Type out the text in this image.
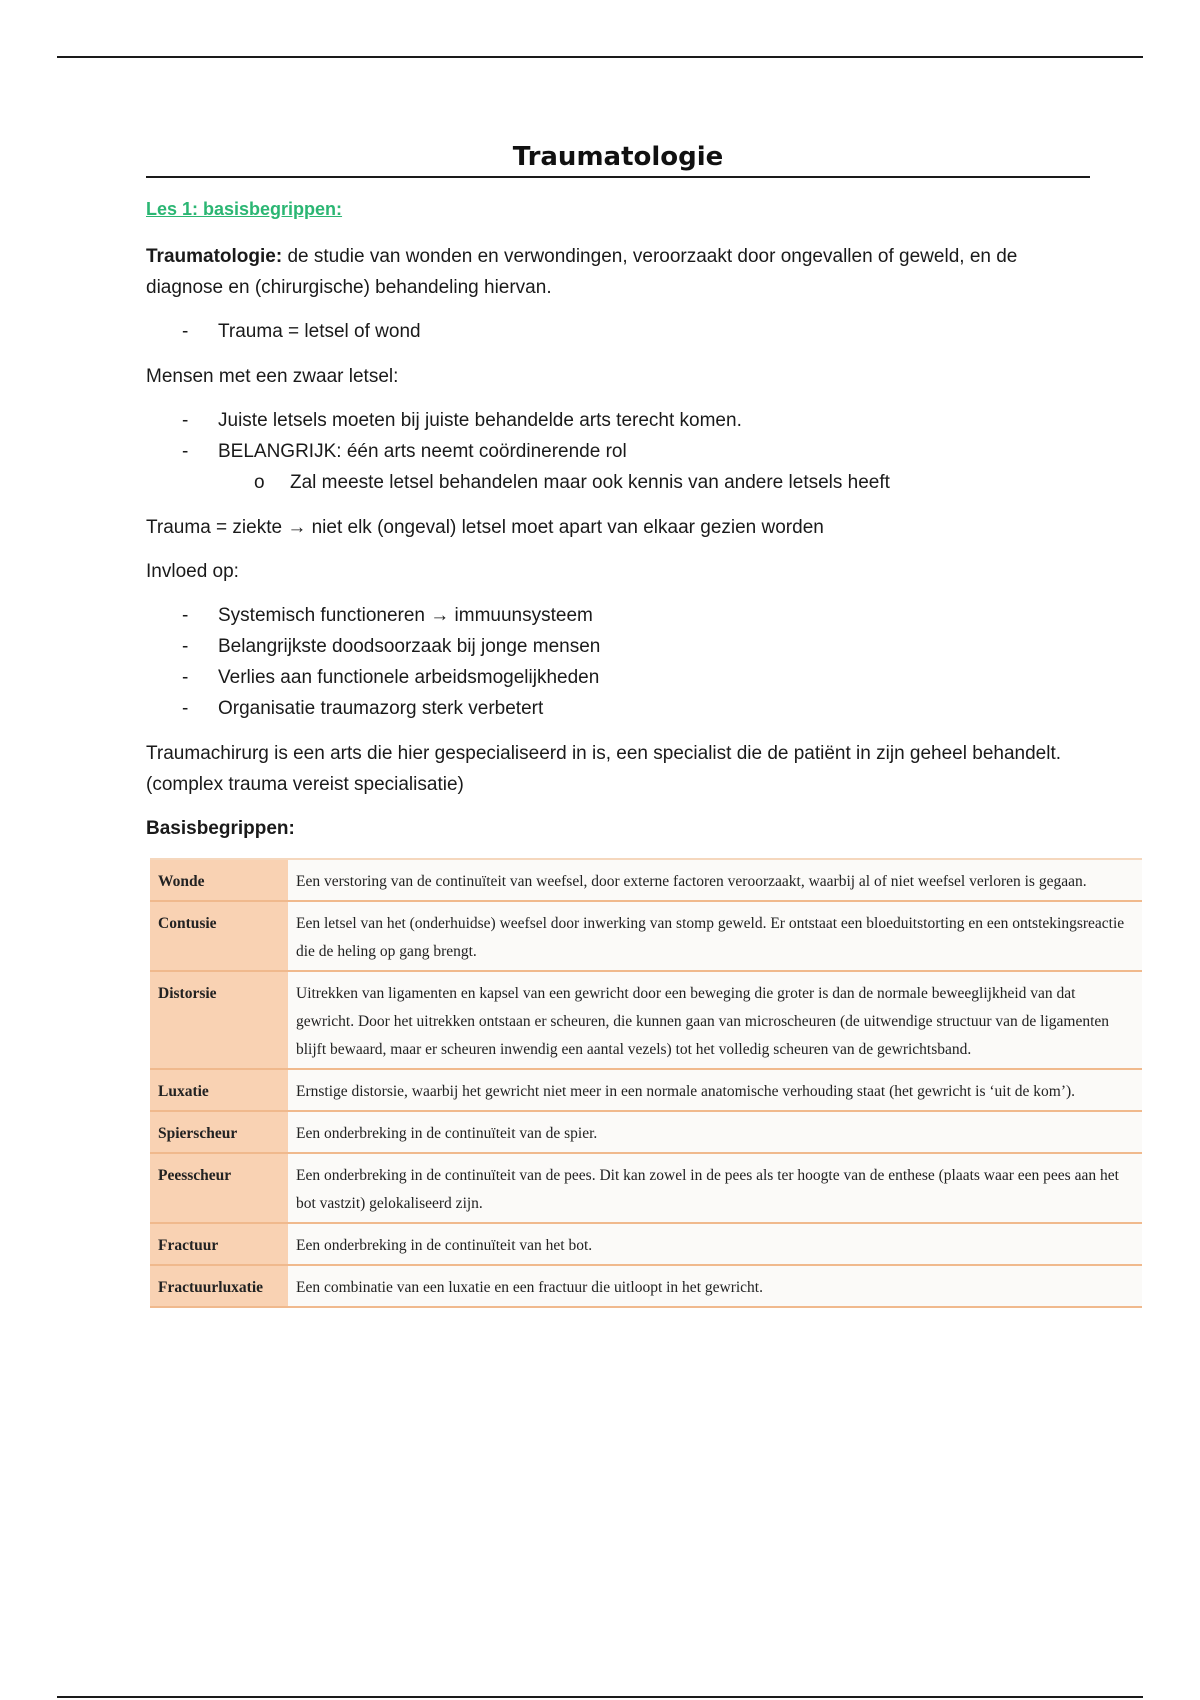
Traumatologie
Les 1: basisbegrippen:

Traumatologie: de studie van wonden en verwondingen, veroorzaakt door ongevallen of geweld, en de diagnose en (chirurgische) behandeling hiervan.

- Trauma = letsel of wond

Mensen met een zwaar letsel:

- Juiste letsels moeten bij juiste behandelde arts terecht komen.
- BELANGRIJK: één arts neemt coördinerende rol
o Zal meeste letsel behandelen maar ook kennis van andere letsels heeft

Trauma = ziekte → niet elk (ongeval) letsel moet apart van elkaar gezien worden

Invloed op:

- Systemisch functioneren → immuunsysteem
- Belangrijkste doodsoorzaak bij jonge mensen
- Verlies aan functionele arbeidsmogelijkheden
- Organisatie traumazorg sterk verbetert

Traumachirurg is een arts die hier gespecialiseerd in is, een specialist die de patiënt in zijn geheel behandelt. (complex trauma vereist specialisatie)

Basisbegrippen:

Wonde	Een verstoring van de continuïteit van weefsel, door externe factoren veroorzaakt, waarbij al of niet weefsel verloren is gegaan.
Contusie	Een letsel van het (onderhuidse) weefsel door inwerking van stomp geweld. Er ontstaat een bloeduitstorting en een ontstekingsreactie die de heling op gang brengt.
Distorsie	Uitrekken van ligamenten en kapsel van een gewricht door een beweging die groter is dan de normale beweeglijkheid van dat gewricht. Door het uitrekken ontstaan er scheuren, die kunnen gaan van microscheuren (de uitwendige structuur van de ligamenten blijft bewaard, maar er scheuren inwendig een aantal vezels) tot het volledig scheuren van de gewrichtsband.
Luxatie	Ernstige distorsie, waarbij het gewricht niet meer in een normale anatomische verhouding staat (het gewricht is ‘uit de kom’).
Spierscheur	Een onderbreking in de continuïteit van de spier.
Peesscheur	Een onderbreking in de continuïteit van de pees. Dit kan zowel in de pees als ter hoogte van de enthese (plaats waar een pees aan het bot vastzit) gelokaliseerd zijn.
Fractuur	Een onderbreking in de continuïteit van het bot.
Fractuurluxatie	Een combinatie van een luxatie en een fractuur die uitloopt in het gewricht.
